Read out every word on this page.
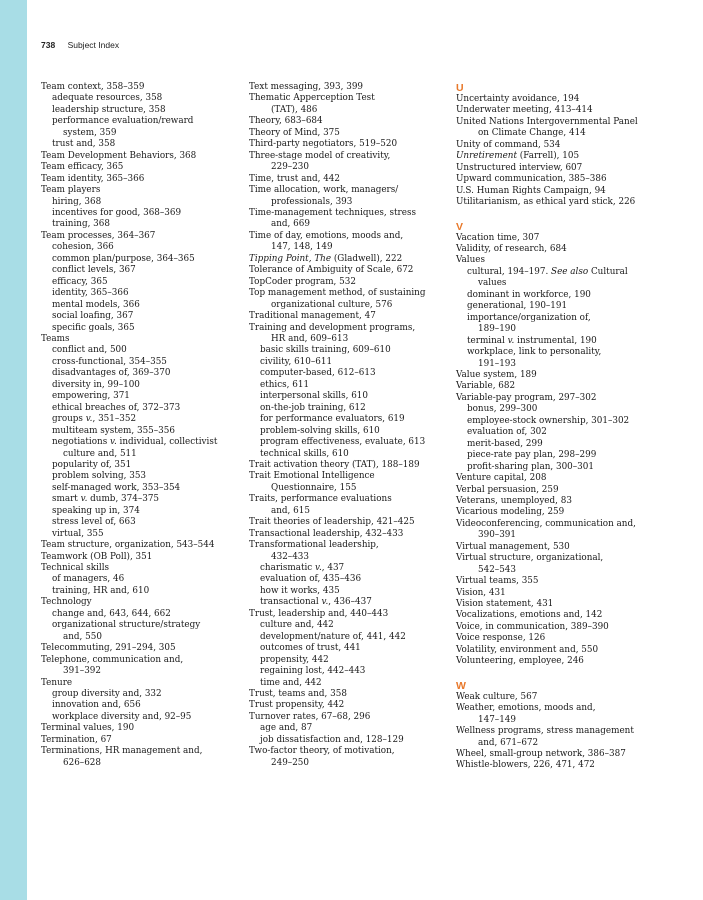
738 Subject Index
Team context, 358–359
adequate resources, 358
leadership structure, 358
performance evaluation/reward
system, 359
trust and, 358
Team Development Behaviors, 368
Team efficacy, 365
Team identity, 365–366
Team players
hiring, 368
incentives for good, 368–369
training, 368
Team processes, 364–367
cohesion, 366
common plan/purpose, 364–365
conflict levels, 367
efficacy, 365
identity, 365–366
mental models, 366
social loafing, 367
specific goals, 365
Teams
conflict and, 500
cross-functional, 354–355
disadvantages of, 369–370
diversity in, 99–100
empowering, 371
ethical breaches of, 372–373
groups v., 351–352
multiteam system, 355–356
negotiations v. individual, collectivist
culture and, 511
popularity of, 351
problem solving, 353
self-managed work, 353–354
smart v. dumb, 374–375
speaking up in, 374
stress level of, 663
virtual, 355
Team structure, organization, 543–544
Teamwork (OB Poll), 351
Technical skills
of managers, 46
training, HR and, 610
Technology
change and, 643, 644, 662
organizational structure/strategy
and, 550
Telecommuting, 291–294, 305
Telephone, communication and,
391–392
Tenure
group diversity and, 332
innovation and, 656
workplace diversity and, 92–95
Terminal values, 190
Termination, 67
Terminations, HR management and,
626–628
Text messaging, 393, 399
Thematic Apperception Test
(TAT), 486
Theory, 683–684
Theory of Mind, 375
Third-party negotiators, 519–520
Three-stage model of creativity,
229–230
Time, trust and, 442
Time allocation, work, managers/
professionals, 393
Time-management techniques, stress
and, 669
Time of day, emotions, moods and,
147, 148, 149
Tipping Point, The (Gladwell), 222
Tolerance of Ambiguity of Scale, 672
TopCoder program, 532
Top management method, of sustaining
organizational culture, 576
Traditional management, 47
Training and development programs,
HR and, 609–613
basic skills training, 609–610
civility, 610–611
computer-based, 612–613
ethics, 611
interpersonal skills, 610
on-the-job training, 612
for performance evaluators, 619
problem-solving skills, 610
program effectiveness, evaluate, 613
technical skills, 610
Trait activation theory (TAT), 188–189
Trait Emotional Intelligence
Questionnaire, 155
Traits, performance evaluations
and, 615
Trait theories of leadership, 421–425
Transactional leadership, 432–433
Transformational leadership,
432–433
charismatic v., 437
evaluation of, 435–436
how it works, 435
transactional v., 436–437
Trust, leadership and, 440–443
culture and, 442
development/nature of, 441, 442
outcomes of trust, 441
propensity, 442
regaining lost, 442–443
time and, 442
Trust, teams and, 358
Trust propensity, 442
Turnover rates, 67–68, 296
age and, 87
job dissatisfaction and, 128–129
Two-factor theory, of motivation,
249–250
U
Uncertainty avoidance, 194
Underwater meeting, 413–414
United Nations Intergovernmental Panel
on Climate Change, 414
Unity of command, 534
Unretirement (Farrell), 105
Unstructured interview, 607
Upward communication, 385–386
U.S. Human Rights Campaign, 94
Utilitarianism, as ethical yard stick, 226
V
Vacation time, 307
Validity, of research, 684
Values
cultural, 194–197. See also Cultural
values
dominant in workforce, 190
generational, 190–191
importance/organization of,
189–190
terminal v. instrumental, 190
workplace, link to personality,
191–193
Value system, 189
Variable, 682
Variable-pay program, 297–302
bonus, 299–300
employee-stock ownership, 301–302
evaluation of, 302
merit-based, 299
piece-rate pay plan, 298–299
profit-sharing plan, 300–301
Venture capital, 208
Verbal persuasion, 259
Veterans, unemployed, 83
Vicarious modeling, 259
Videoconferencing, communication and,
390–391
Virtual management, 530
Virtual structure, organizational,
542–543
Virtual teams, 355
Vision, 431
Vision statement, 431
Vocalizations, emotions and, 142
Voice, in communication, 389–390
Voice response, 126
Volatility, environment and, 550
Volunteering, employee, 246
W
Weak culture, 567
Weather, emotions, moods and,
147–149
Wellness programs, stress management
and, 671–672
Wheel, small-group network, 386–387
Whistle-blowers, 226, 471, 472
